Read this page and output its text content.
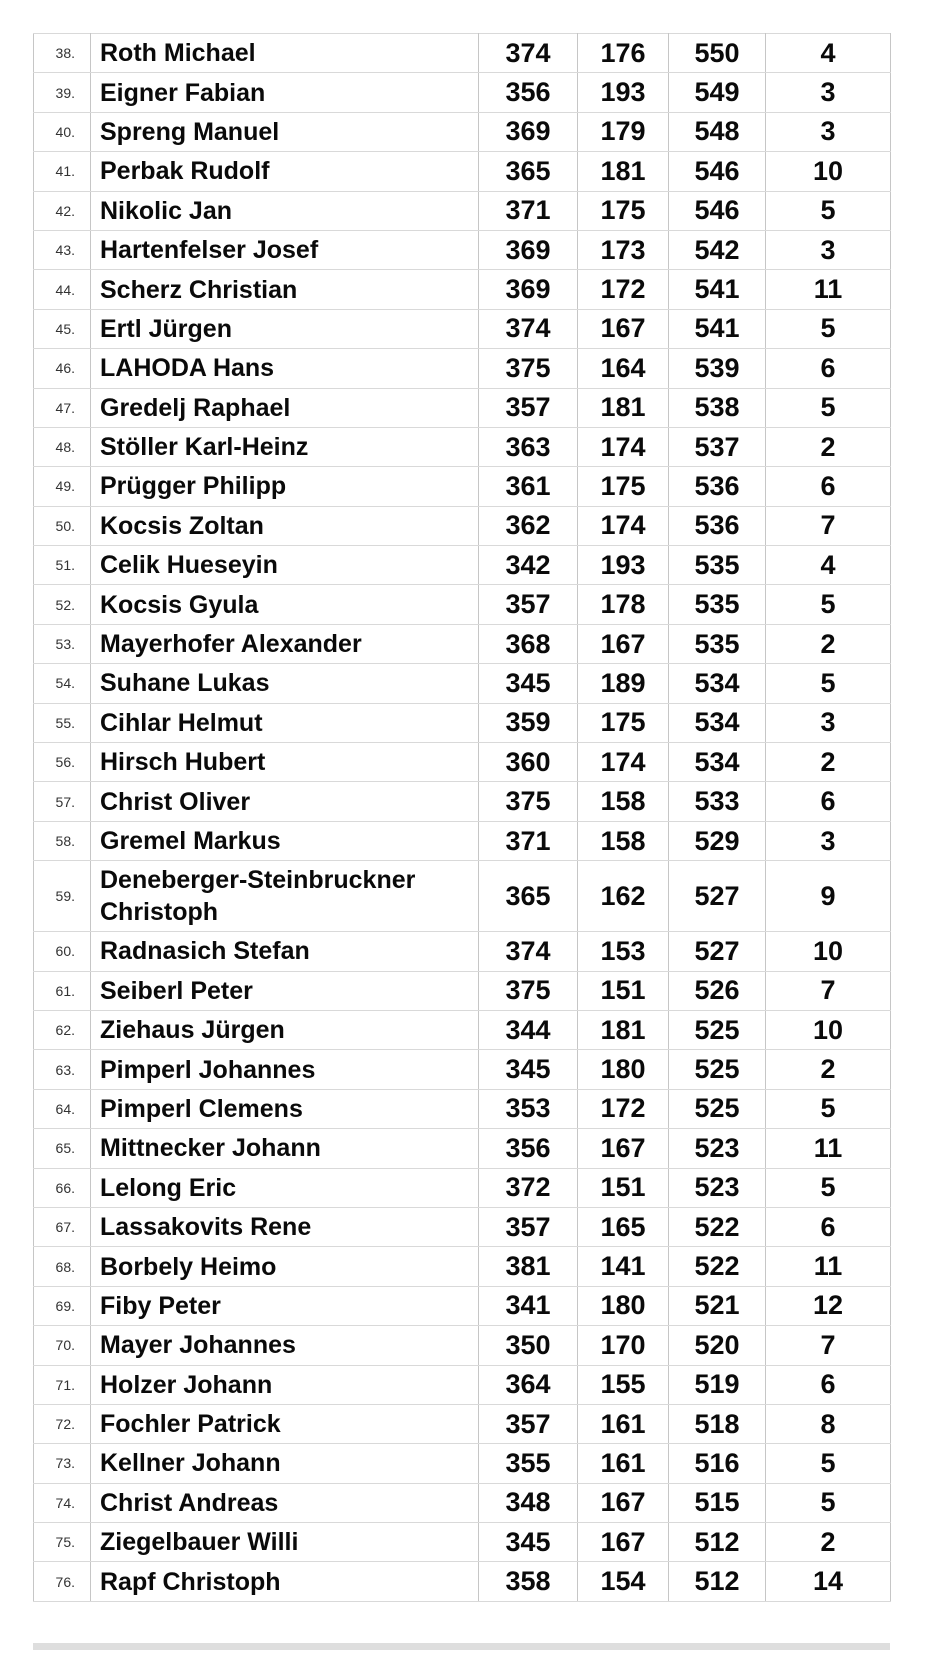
38.	Roth Michael	374	176	550	4
39.	Eigner Fabian	356	193	549	3
40.	Spreng Manuel	369	179	548	3
41.	Perbak Rudolf	365	181	546	10
42.	Nikolic Jan	371	175	546	5
43.	Hartenfelser Josef	369	173	542	3
44.	Scherz Christian	369	172	541	11
45.	Ertl Jürgen	374	167	541	5
46.	LAHODA Hans	375	164	539	6
47.	Gredelj Raphael	357	181	538	5
48.	Stöller Karl-Heinz	363	174	537	2
49.	Prügger Philipp	361	175	536	6
50.	Kocsis Zoltan	362	174	536	7
51.	Celik Hueseyin	342	193	535	4
52.	Kocsis Gyula	357	178	535	5
53.	Mayerhofer Alexander	368	167	535	2
54.	Suhane Lukas	345	189	534	5
55.	Cihlar Helmut	359	175	534	3
56.	Hirsch Hubert	360	174	534	2
57.	Christ Oliver	375	158	533	6
58.	Gremel Markus	371	158	529	3
59.	Deneberger-Steinbruckner Christoph	365	162	527	9
60.	Radnasich Stefan	374	153	527	10
61.	Seiberl Peter	375	151	526	7
62.	Ziehaus Jürgen	344	181	525	10
63.	Pimperl Johannes	345	180	525	2
64.	Pimperl Clemens	353	172	525	5
65.	Mittnecker Johann	356	167	523	11
66.	Lelong Eric	372	151	523	5
67.	Lassakovits Rene	357	165	522	6
68.	Borbely Heimo	381	141	522	11
69.	Fiby Peter	341	180	521	12
70.	Mayer Johannes	350	170	520	7
71.	Holzer Johann	364	155	519	6
72.	Fochler Patrick	357	161	518	8
73.	Kellner Johann	355	161	516	5
74.	Christ Andreas	348	167	515	5
75.	Ziegelbauer Willi	345	167	512	2
76.	Rapf Christoph	358	154	512	14
